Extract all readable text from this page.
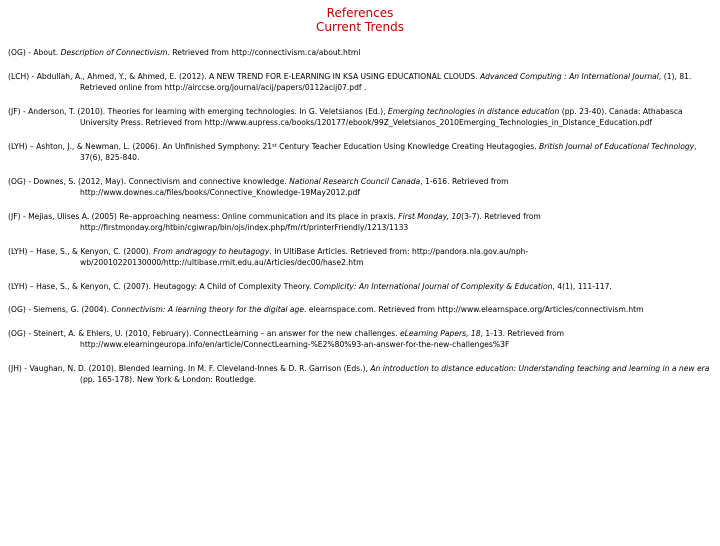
References
Current Trends

(OG) - About. Description of Connectivism. Retrieved from http://connectivism.ca/about.html

(LCH) - Abdullah, A., Ahmed, Y., & Ahmed, E. (2012). A NEW TREND FOR E-LEARNING IN KSA USING EDUCATIONAL CLOUDS. Advanced Computing : An International Journal, (1), 81. Retrieved online from http://airccse.org/journal/acij/papers/0112acij07.pdf .

(JF) - Anderson, T. (2010). Theories for learning with emerging technologies. In G. Veletsianos (Ed.), Emerging technologies in distance education (pp. 23-40). Canada: Athabasca University Press. Retrieved from http://www.aupress.ca/books/120177/ebook/99Z_Veletsianos_2010Emerging_Technologies_in_Distance_Education.pdf

(LYH) – Ashton, J., & Newman, L. (2006). An Unfinished Symphony: 21st Century Teacher Education Using Knowledge Creating Heutagogies. British Journal of Educational Technology, 37(6), 825-840.

(OG) - Downes, S. (2012, May). Connectivism and connective knowledge. National Research Council Canada, 1-616. Retrieved from http://www.downes.ca/files/books/Connective_Knowledge-19May2012.pdf

(JF) - Mejias, Ulises A. (2005) Re–approaching nearness: Online communication and its place in praxis. First Monday, 10(3-7). Retrieved from http://firstmonday.org/htbin/cgiwrap/bin/ojs/index.php/fm/rt/printerFriendly/1213/1133

(LYH) – Hase, S., & Kenyon, C. (2000). From andragogy to heutagogy. In UltiBase Articles. Retrieved from: http://pandora.nla.gov.au/nph-wb/20010220130000/http://ultibase.rmit.edu.au/Articles/dec00/hase2.htm

(LYH) – Hase, S., & Kenyon, C. (2007). Heutagogy: A Child of Complexity Theory. Complicity: An International Journal of Complexity & Education, 4(1), 111-117.

(OG) - Siemens, G. (2004). Connectivism: A learning theory for the digital age. elearnspace.com. Retrieved from http://www.elearnspace.org/Articles/connectivism.htm

(OG) - Steinert, A. & Ehlers, U. (2010, February). ConnectLearning – an answer for the new challenges. eLearning Papers, 18, 1-13. Retrieved from http://www.elearningeuropa.info/en/article/ConnectLearning-%E2%80%93-an-answer-for-the-new-challenges%3F

(JH) - Vaughan, N. D. (2010). Blended learning. In M. F. Cleveland-Innes & D. R. Garrison (Eds.), An introduction to distance education: Understanding teaching and learning in a new era (pp. 165-178). New York & London: Routledge.
